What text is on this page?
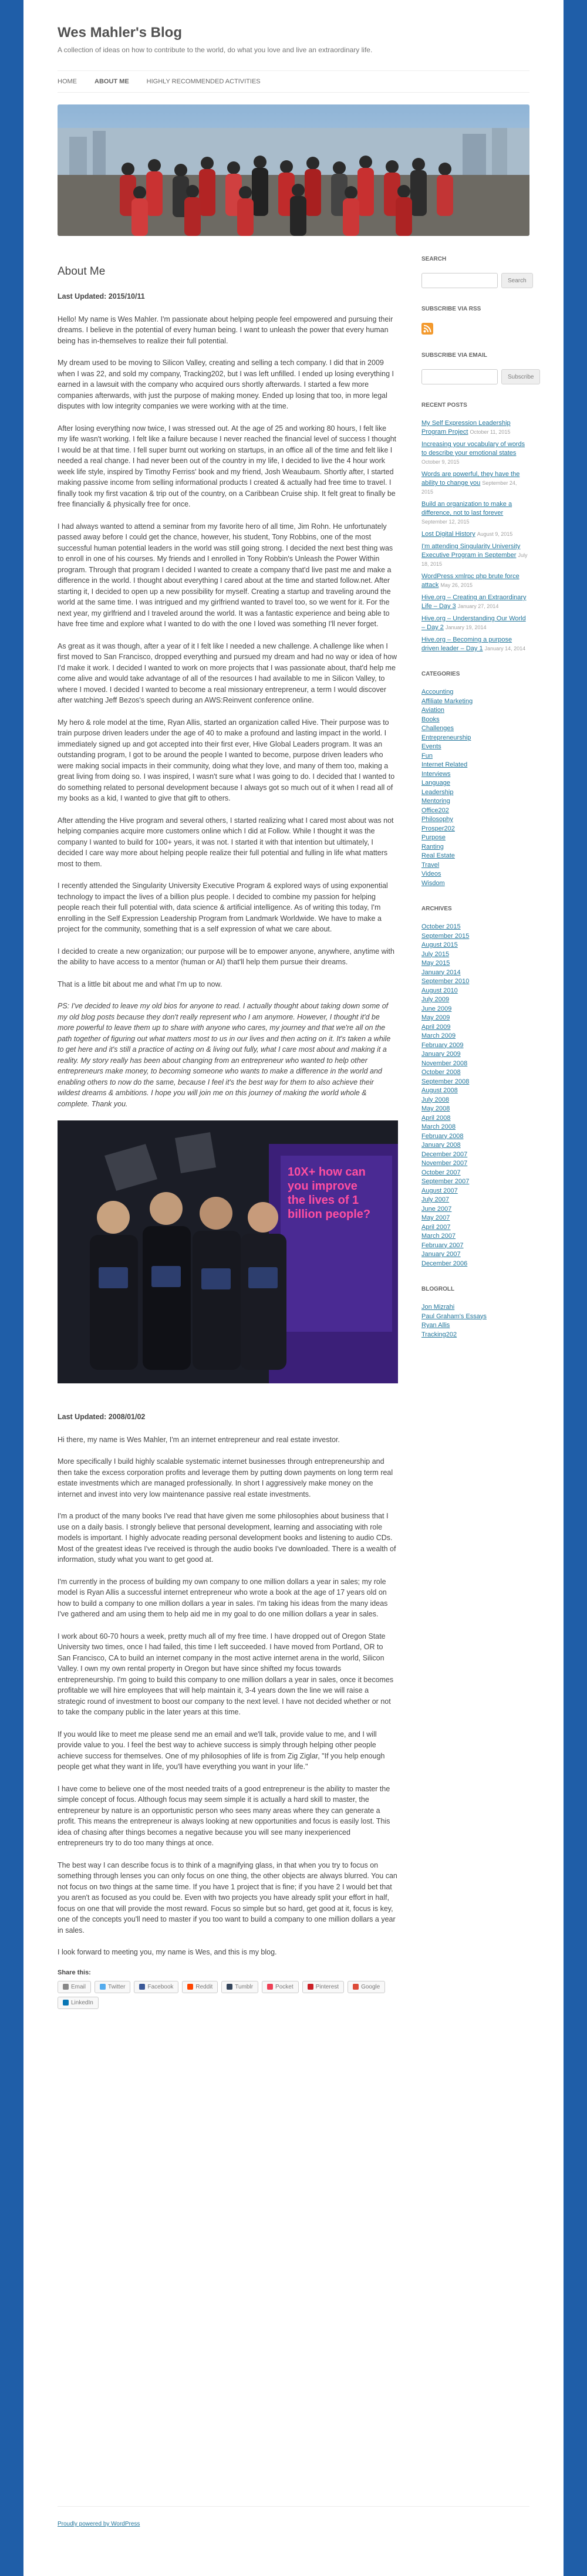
Wes Mahler's Blog

A collection of ideas on how to contribute to the world, do what you love and live an extraordinary life.

HOME	ABOUT ME	HIGHLY RECOMMENDED ACTIVITIES
About Me

Last Updated: 2015/10/11

Hello! My name is Wes Mahler. I'm passionate about helping people feel empowered and pursuing their dreams. I believe in the potential of every human being. I want to unleash the power that every human being has in-themselves to realize their full potential.

My dream used to be moving to Silicon Valley, creating and selling a tech company. I did that in 2009 when I was 22, and sold my company, Tracking202, but I was left unfilled. I ended up losing everything I earned in a lawsuit with the company who acquired ours shortly afterwards. I started a few more companies afterwards, with just the purpose of making money. Ended up losing that too, in more legal disputes with low integrity companies we were working with at the time.

After losing everything now twice, I was stressed out. At the age of 25 and working 80 hours, I felt like my life wasn't working. I felt like a failure because I never reached the financial level of success I thought I would be at that time. I fell super burnt out working on startups, in an office all of the time and felt like I needed a real change. I had never been out of the country in my life, I decided to live the 4 hour work week life style, inspired by Timothy Ferriss' book and my friend, Josh Weaubaum. Shortly after, I started making passive income from selling informational products I created & actually had free time to travel. I finally took my first vacation & trip out of the country, on a Caribbean Cruise ship. It felt great to finally be free financially & physically free for once.

I had always wanted to attend a seminar from my favorite hero of all time, Jim Rohn. He unfortunately passed away before I could get the chance, however, his student, Tony Robbins, one of the most successful human potential leaders in the world was still going strong. I decided the next best thing was to enroll in one of his courses. My friends and I enrolled in Tony Robbin's Unleash the Power Within program. Through that program I decided I wanted to create a company that'd live past me and make a difference in the world. I thought about everything I cared about at the time and started follow.net. After starting it, I decided to open up a new possibility for myself. Creating a startup and traveling around the world at the same time. I was intrigued and my girlfriend wanted to travel too, so we went for it. For the next year, my girlfriend and I traveled around the world. It was a fantastic experience and being able to have free time and explore what I wanted to do with the one I loved was something I'll never forget.

As great as it was though, after a year of it I felt like I needed a new challenge. A challenge like when I first moved to San Francisco, dropped everything and pursued my dream and had no way or idea of how I'd make it work. I decided I wanted to work on more projects that I was passionate about, that'd help me come alive and would take advantage of all of the resources I had available to me in Silicon Valley, to where I moved. I decided I wanted to become a real missionary entrepreneur, a term I would discover after watching Jeff Bezos's speech during an AWS:Reinvent conference online.

My hero & role model at the time, Ryan Allis, started an organization called Hive. Their purpose was to train purpose driven leaders under the age of 40 to make a profound and lasting impact in the world. I immediately signed up and got accepted into their first ever, Hive Global Leaders program. It was an outstanding program, I got to be around the people I wanted to become, purpose driven leaders who were making social impacts in their community, doing what they love, and many of them too, making a great living from doing so. I was inspired, I wasn't sure what I was going to do. I decided that I wanted to do something related to personal development because I always got so much out of it when I read all of my books as a kid, I wanted to give that gift to others.

After attending the Hive program and several others, I started realizing what I cared most about was not helping companies acquire more customers online which I did at Follow. While I thought it was the company I wanted to build for 100+ years, it was not. I started it with that intention but ultimately, I decided I care way more about helping people realize their full potential and fulling in life what matters most to them.

I recently attended the Singularity University Executive Program & explored ways of using exponential technology to impact the lives of a billion plus people. I decided to combine my passion for helping people reach their full potential with, data science & artificial intelligence. As of writing this today, I'm enrolling in the Self Expression Leadership Program from Landmark Worldwide. We have to make a project for the community, something that is a self expression of what we care about.

I decided to create a new organization; our purpose will be to empower anyone, anywhere, anytime with the ability to have access to a mentor (human or AI) that'll help them pursue their dreams.

That is a little bit about me and what I'm up to now.

PS: I've decided to leave my old bios for anyone to read. I actually thought about taking down some of my old blog posts because they don't really represent who I am anymore. However, I thought it'd be more powerful to leave them up to share with anyone who cares, my journey and that we're all on the path together of figuring out what matters most to us in our lives and then acting on it. It's taken a while to get here and it's still a practice of acting on & living out fully, what I care most about and making it a reality. My story really has been about changing from an entrepreneur who wanted to help other entrepreneurs make money, to becoming someone who wants to make a difference in the world and enabling others to now do the same, because I feel it's the best way for them to also achieve their wildest dreams & ambitions. I hope you will join me on this journey of making the world whole & complete. Thank you.

10X+ how can you improve the lives of 1 billion people?

Last Updated: 2008/01/02

Hi there, my name is Wes Mahler, I'm an internet entrepreneur and real estate investor.

More specifically I build highly scalable systematic internet businesses through entrepreneurship and then take the excess corporation profits and leverage them by putting down payments on long term real estate investments which are managed professionally. In short I aggressively make money on the internet and invest into very low maintenance passive real estate investments.

I'm a product of the many books I've read that have given me some philosophies about business that I use on a daily basis. I strongly believe that personal development, learning and associating with role models is important. I highly advocate reading personal development books and listening to audio CDs. Most of the greatest ideas I've received is through the audio books I've downloaded. There is a wealth of information, study what you want to get good at.

I'm currently in the process of building my own company to one million dollars a year in sales; my role model is Ryan Allis a successful internet entrepreneur who wrote a book at the age of 17 years old on how to build a company to one million dollars a year in sales. I'm taking his ideas from the many ideas I've gathered and am using them to help aid me in my goal to do one million dollars a year in sales.

I work about 60-70 hours a week, pretty much all of my free time. I have dropped out of Oregon State University two times, once I had failed, this time I left succeeded. I have moved from Portland, OR to San Francisco, CA to build an internet company in the most active internet arena in the world, Silicon Valley. I own my own rental property in Oregon but have since shifted my focus towards entrepreneurship. I'm going to build this company to one million dollars a year in sales, once it becomes profitable we will hire employees that will help maintain it, 3-4 years down the line we will raise a strategic round of investment to boost our company to the next level. I have not decided whether or not to take the company public in the later years at this time.

If you would like to meet me please send me an email and we'll talk, provide value to me, and I will provide value to you. I feel the best way to achieve success is simply through helping other people achieve success for themselves. One of my philosophies of life is from Zig Ziglar, "If you help enough people get what they want in life, you'll have everything you want in your life."

I have come to believe one of the most needed traits of a good entrepreneur is the ability to master the simple concept of focus. Although focus may seem simple it is actually a hard skill to master, the entrepreneur by nature is an opportunistic person who sees many areas where they can generate a profit. This means the entrepreneur is always looking at new opportunities and focus is easily lost. This idea of chasing after things becomes a negative because you will see many inexperienced entrepreneurs try to do too many things at once.

The best way I can describe focus is to think of a magnifying glass, in that when you try to focus on something through lenses you can only focus on one thing, the other objects are always blurred. You can not focus on two things at the same time. If you have 1 project that is fine; if you have 2 I would bet that you aren't as focused as you could be. Even with two projects you have already split your effort in half, focus on one that will provide the most reward. Focus so simple but so hard, get good at it, focus is key, one of the concepts you'll need to master if you too want to build a company to one million dollars a year in sales.

I look forward to meeting you, my name is Wes, and this is my blog.

Share this:
Email	Twitter	Facebook	Reddit	Tumblr	Pocket	Pinterest	Google
LinkedIn
SEARCH
Search
SUBSCRIBE VIA RSS
SUBSCRIBE VIA EMAIL
Subscribe
RECENT POSTS
My Self Expression Leadership Program Project October 11, 2015
Increasing your vocabulary of words to describe your emotional states October 9, 2015
Words are powerful, they have the ability to change you September 24, 2015
Build an organization to make a difference, not to last forever September 12, 2015
Lost Digital History August 9, 2015
I'm attending Singularity University Executive Program in September July 18, 2015
WordPress xmlrpc php brute force attack May 26, 2015
Hive.org – Creating an Extraordinary Life – Day 3 January 27, 2014
Hive.org – Understanding Our World – Day 2 January 19, 2014
Hive.org – Becoming a purpose driven leader – Day 1 January 14, 2014
CATEGORIES
Accounting
Affiliate Marketing
Aviation
Books
Challenges
Entrepreneurship
Events
Fun
Internet Related
Interviews
Language
Leadership
Mentoring
Office202
Philosophy
Prosper202
Purpose
Ranting
Real Estate
Travel
Videos
Wisdom
ARCHIVES
October 2015
September 2015
August 2015
July 2015
May 2015
January 2014
September 2010
August 2010
July 2009
June 2009
May 2009
April 2009
March 2009
February 2009
January 2009
November 2008
October 2008
September 2008
August 2008
July 2008
May 2008
April 2008
March 2008
February 2008
January 2008
December 2007
November 2007
October 2007
September 2007
August 2007
July 2007
June 2007
May 2007
April 2007
March 2007
February 2007
January 2007
December 2006
BLOGROLL
Jon Mizrahi
Paul Graham's Essays
Ryan Allis
Tracking202
Proudly powered by WordPress
